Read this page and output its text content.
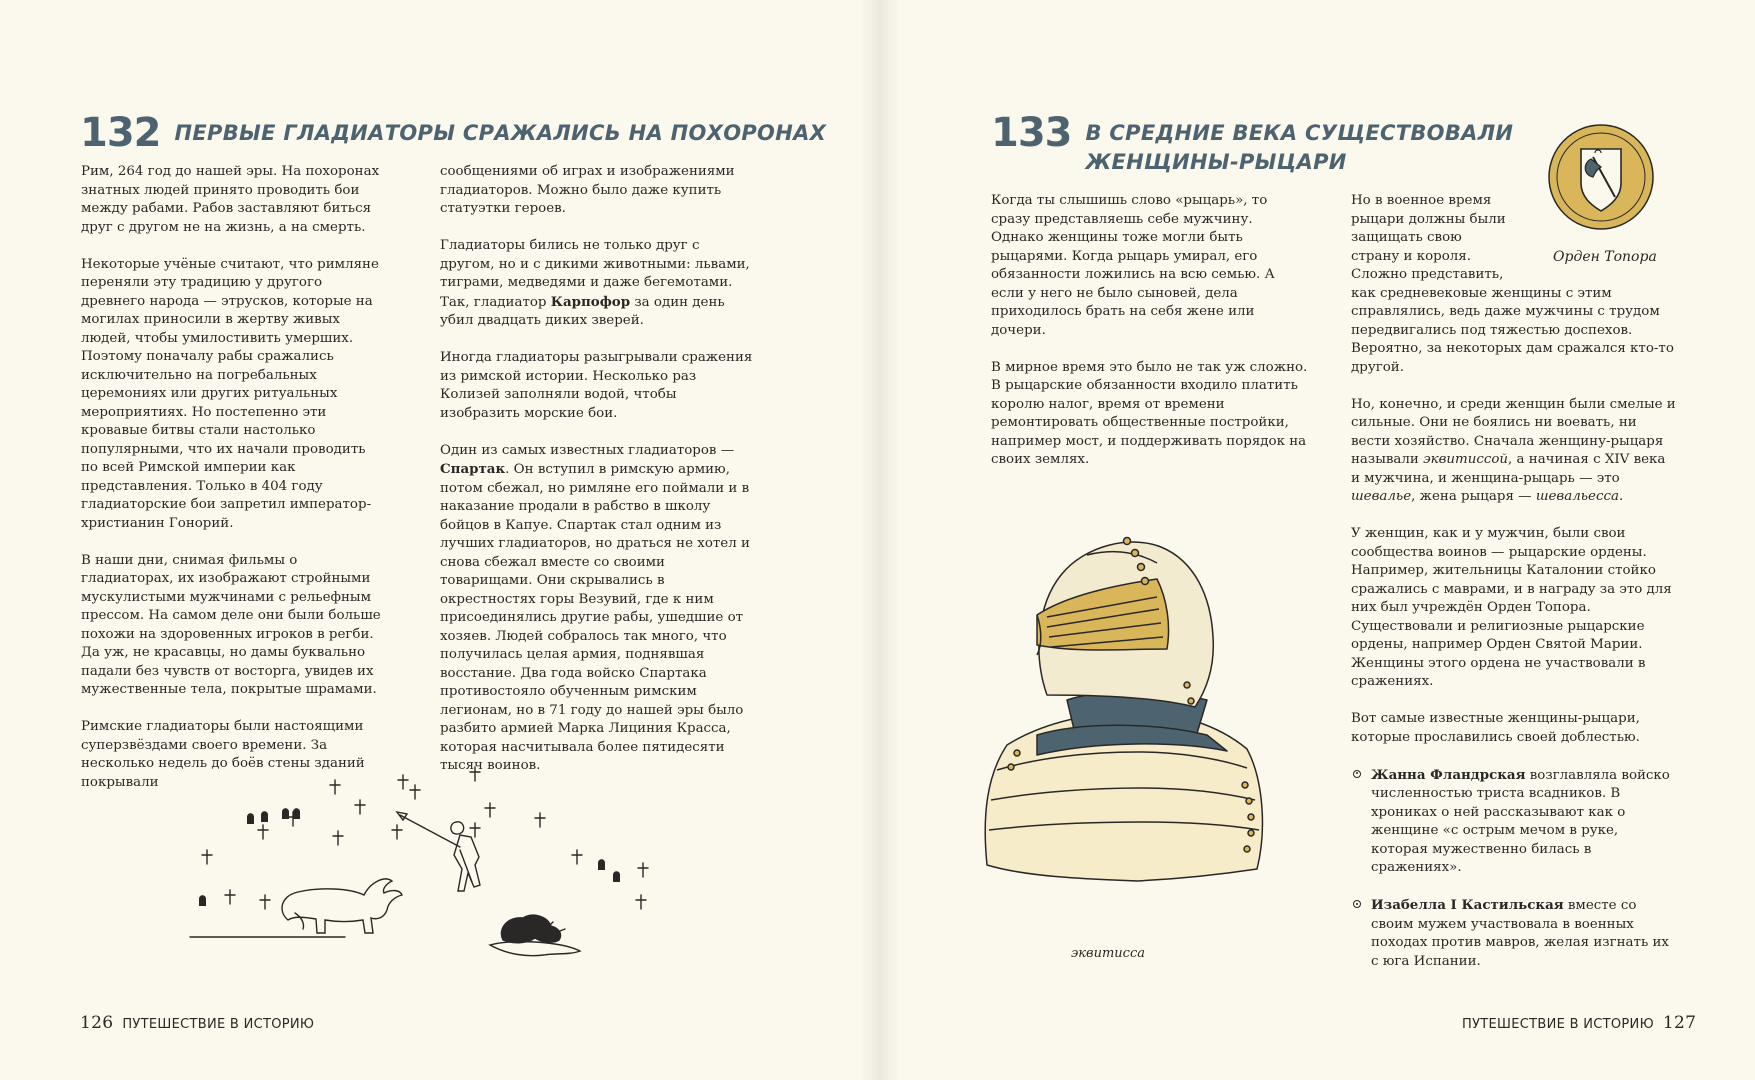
132 ПЕРВЫЕ ГЛАДИАТОРЫ СРАЖАЛИСЬ НА ПОХОРОНАХ

Рим, 264 год до нашей эры. На похоронах знатных людей принято проводить бои между рабами. Рабов заставляют биться друг с другом не на жизнь, а на смерть.

Некоторые учёные считают, что римляне переняли эту традицию у другого древнего народа — этрусков, которые на могилах приносили в жертву живых людей, чтобы умилостивить умерших. Поэтому поначалу рабы сражались исключительно на погребальных церемониях или других ритуальных мероприятиях. Но постепенно эти кровавые битвы стали настолько популярными, что их начали проводить по всей Римской империи как представления. Только в 404 году гладиаторские бои запретил император-христианин Гонорий.

В наши дни, снимая фильмы о гладиаторах, их изображают стройными мускулистыми мужчинами с рельефным прессом. На самом деле они были больше похожи на здоровенных игроков в регби. Да уж, не красавцы, но дамы буквально падали без чувств от восторга, увидев их мужественные тела, покрытые шрамами.

Римские гладиаторы были настоящими суперзвёздами своего времени. За несколько недель до боёв стены зданий покрывали

сообщениями об играх и изображениями гладиаторов. Можно было даже купить статуэтки героев.

Гладиаторы бились не только друг с другом, но и с дикими животными: львами, тиграми, медведями и даже бегемотами. Так, гладиатор Карпофор за один день убил двадцать диких зверей.

Иногда гладиаторы разыгрывали сражения из римской истории. Несколько раз Колизей заполняли водой, чтобы изобразить морские бои.

Один из самых известных гладиаторов — Спартак. Он вступил в римскую армию, потом сбежал, но римляне его поймали и в наказание продали в рабство в школу бойцов в Капуе. Спартак стал одним из лучших гладиаторов, но драться не хотел и снова сбежал вместе со своими товарищами. Они скрывались в окрестностях горы Везувий, где к ним присоединялись другие рабы, ушедшие от хозяев. Людей собралось так много, что получилась целая армия, поднявшая восстание. Два года войско Спартака противостояло обученным римским легионам, но в 71 году до нашей эры было разбито армией Марка Лициния Красса, которая насчитывала более пятидесяти тысяч воинов.

126 ПУТЕШЕСТВИЕ В ИСТОРИЮ
133 В СРЕДНИЕ ВЕКА СУЩЕСТВОВАЛИ
ЖЕНЩИНЫ-РЫЦАРИ
Орден Топора

Когда ты слышишь слово «рыцарь», то сразу представляешь себе мужчину. Однако женщины тоже могли быть рыцарями. Когда рыцарь умирал, его обязанности ложились на всю семью. А если у него не было сыновей, дела приходилось брать на себя жене или дочери.

В мирное время это было не так уж сложно. В рыцарские обязанности входило платить королю налог, время от времени ремонтировать общественные постройки, например мост, и поддерживать порядок на своих землях.

Но в военное время рыцари должны были защищать свою страну и короля. Сложно представить,
как средневековые женщины с этим справлялись, ведь даже мужчины с трудом передвигались под тяжестью доспехов. Вероятно, за некоторых дам сражался кто-то другой.

Но, конечно, и среди женщин были смелые и сильные. Они не боялись ни воевать, ни вести хозяйство. Сначала женщину-рыцаря называли эквитиссой, а начиная с XIV века и мужчина, и женщина-рыцарь — это шевалье, жена рыцаря — шевальесса.

У женщин, как и у мужчин, были свои сообщества воинов — рыцарские ордены. Например, жительницы Каталонии стойко сражались с маврами, и в награду за это для них был учреждён Орден Топора. Существовали и религиозные рыцарские ордены, например Орден Святой Марии. Женщины этого ордена не участвовали в сражениях.

Вот самые известные женщины-рыцари, которые прославились своей доблестью.

Жанна Фландрская возглавляла войско численностью триста всадников. В хрониках о ней рассказывают как о женщине «с острым мечом в руке, которая мужественно билась в сражениях».
Изабелла I Кастильская вместе со своим мужем участвовала в военных походах против мавров, желая изгнать их с юга Испании.
эквитисса
ПУТЕШЕСТВИЕ В ИСТОРИЮ 127
